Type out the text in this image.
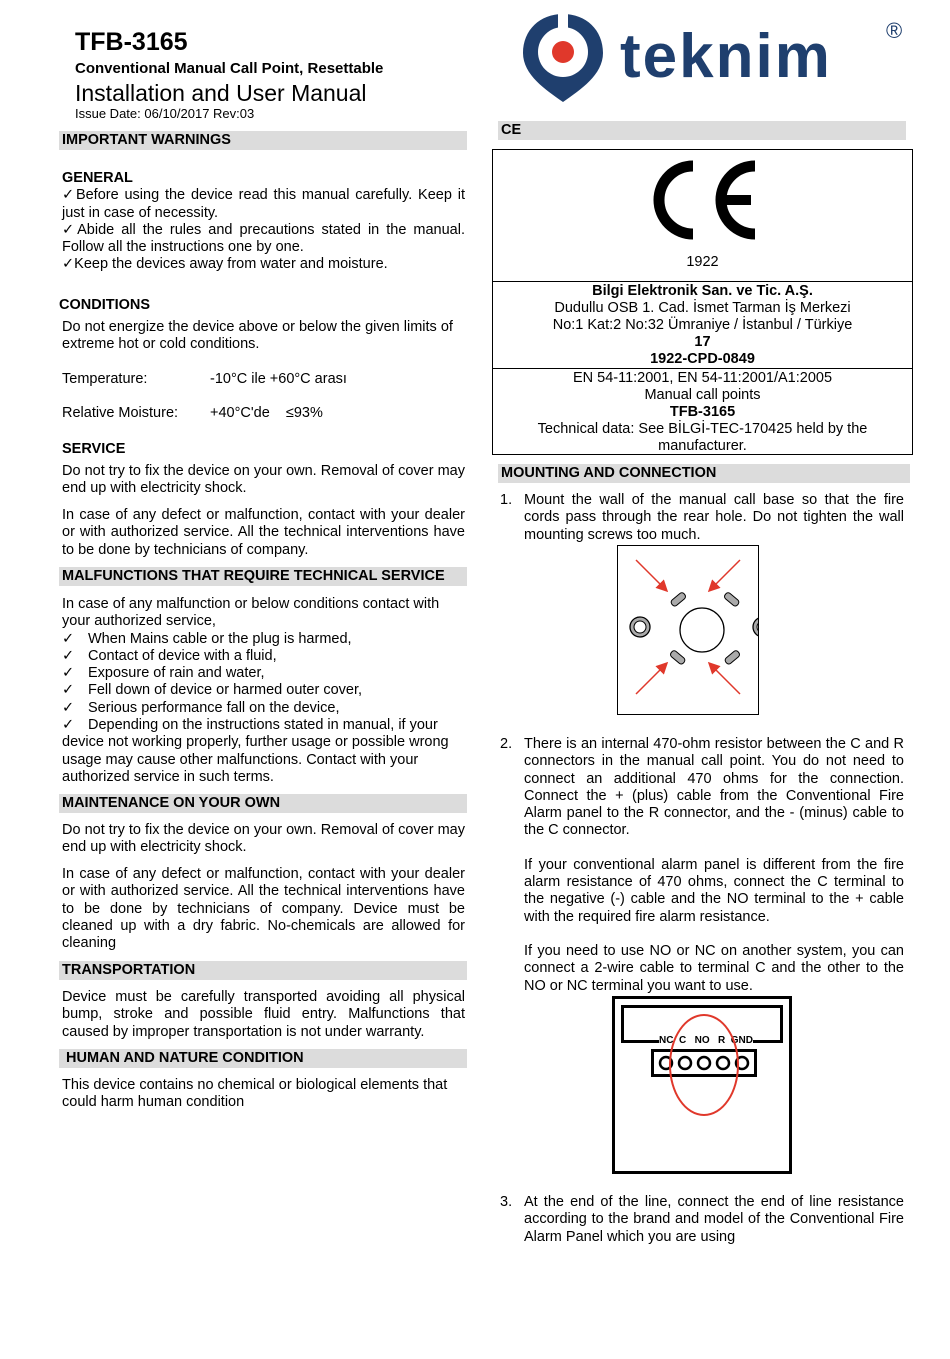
TFB-3165
Conventional Manual Call Point, Resettable
Installation and User Manual
Issue Date: 06/10/2017 Rev:03
teknim ®
IMPORTANT WARNINGS
GENERAL
✓Before using the device read this manual carefully. Keep it just in case of necessity.
✓Abide all the rules and precautions stated in the manual. Follow all the instructions one by one.
✓Keep the devices away from water and moisture.
CONDITIONS
Do not energize the device above or below the given limits of extreme hot or cold conditions.
Temperature:	-10°C ile +60°C arası
Relative Moisture: +40°C'de    ≤93%
SERVICE
Do not try to fix the device on your own. Removal of cover may end up with electricity shock.
In case of any defect or malfunction, contact with your dealer or with authorized service. All the technical interventions have to be done by technicians of company.
MALFUNCTIONS THAT REQUIRE TECHNICAL SERVICE
In case of any malfunction or below conditions contact with your authorized service,
✓ When Mains cable or the plug is harmed,
✓ Contact of device with a fluid,
✓ Exposure of rain and water,
✓ Fell down of device or harmed outer cover,
✓ Serious performance fall on the device,
✓ Depending on the instructions stated in manual, if your device not working properly, further usage or possible wrong usage may cause other malfunctions. Contact with your authorized service in such terms.
MAINTENANCE ON YOUR OWN
Do not try to fix the device on your own. Removal of cover may end up with electricity shock.
In case of any defect or malfunction, contact with your dealer or with authorized service. All the technical interventions have to be done by technicians of company. Device must be cleaned up with a dry fabric. No-chemicals are allowed for cleaning
TRANSPORTATION
Device must be carefully transported avoiding all physical bump, stroke and possible fluid entry. Malfunctions that caused by improper transportation is not under warranty.
HUMAN AND NATURE CONDITION
This device contains no chemical or biological elements that could harm human condition
CE
1922
Bilgi Elektronik San. ve Tic. A.Ş.
Dudullu OSB 1. Cad. İsmet Tarman İş Merkezi
No:1 Kat:2 No:32 Ümraniye / İstanbul / Türkiye
17
1922-CPD-0849
EN 54-11:2001, EN 54-11:2001/A1:2005
Manual call points
TFB-3165
Technical data: See BİLGİ-TEC-170425 held by the manufacturer.
MOUNTING AND CONNECTION
1. Mount the wall of the manual call base so that the fire cords pass through the rear hole. Do not tighten the wall mounting screws too much.
2. There is an internal 470-ohm resistor between the C and R connectors in the manual call point. You do not need to connect an additional 470 ohms for the connection. Connect the + (plus) cable from the Conventional Fire Alarm panel to the R connector, and the - (minus) cable to the C connector.
If your conventional alarm panel is different from the fire alarm resistance of 470 ohms, connect the C terminal to the negative (-) cable and the NO terminal to the + cable with the required fire alarm resistance.
If you need to use NO or NC on another system, you can connect a 2-wire cable to terminal C and the other to the NO or NC terminal you want to use.
NC C NO R GND
3. At the end of the line, connect the end of line resistance according to the brand and model of the Conventional Fire Alarm Panel which you are using
